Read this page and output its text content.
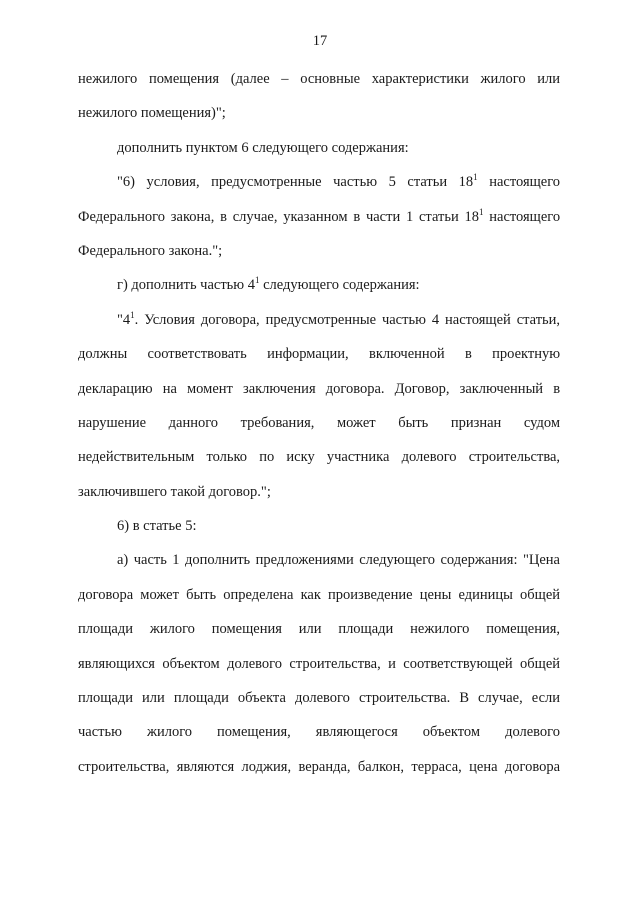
17
нежилого помещения (далее – основные характеристики жилого или
нежилого помещения)";
дополнить пунктом 6 следующего содержания:
"6) условия, предусмотренные частью 5 статьи $18^1$ настоящего
Федерального закона, в случае, указанном в части 1 статьи $18^1$ настоящего
Федерального закона.";
г) дополнить частью $4^1$ следующего содержания:
"$4^1$. Условия договора, предусмотренные частью 4 настоящей статьи,
должны соответствовать информации, включенной в проектную
декларацию на момент заключения договора. Договор, заключенный в
нарушение данного требования, может быть признан судом
недействительным только по иску участника долевого строительства,
заключившего такой договор.";
6) в статье 5:
а) часть 1 дополнить предложениями следующего содержания: "Цена
договора может быть определена как произведение цены единицы общей
площади жилого помещения или площади нежилого помещения,
являющихся объектом долевого строительства, и соответствующей общей
площади или площади объекта долевого строительства. В случае, если
частью жилого помещения, являющегося объектом долевого
строительства, являются лоджия, веранда, балкон, терраса, цена договора
